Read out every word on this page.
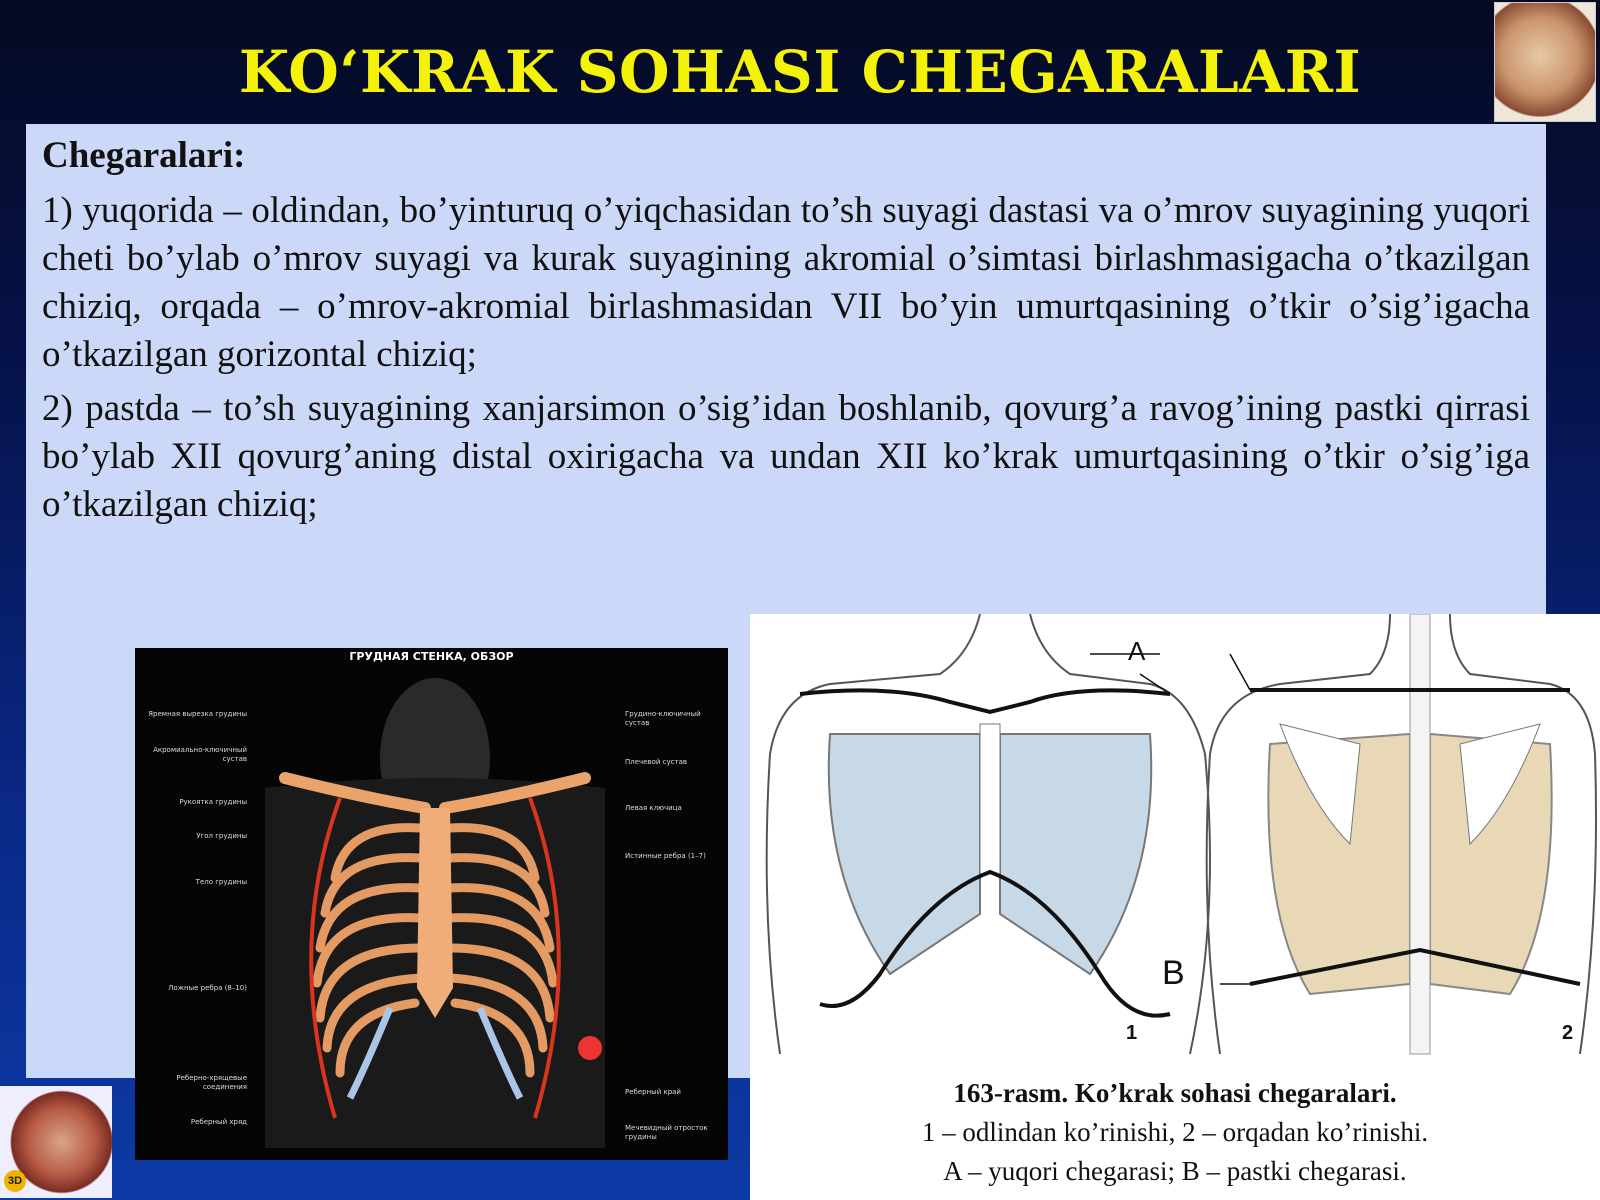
KO‘KRAK SOHASI CHEGARALARI
Chegaralari:

1) yuqorida – oldindan, bo’yinturuq o’yiqchasidan to’sh suyagi dastasi va o’mrov suyagining yuqori cheti bo’ylab o’mrov suyagi va kurak suyagining akromial o’simtasi birlashmasigacha o’tkazilgan chiziq, orqada – o’mrov-akromial birlashmasidan VII bo’yin umurtqasining o’tkir o’sig’igacha o’tkazilgan gorizontal chiziq;

2) pastda – to’sh suyagining xanjarsimon o’sig’idan boshlanib, qovurg’a ravog’ining pastki qirrasi bo’ylab XII qovurg’aning distal oxirigacha va undan XII ko’krak umurtqasining o’tkir o’sig’iga o’tkazilgan chiziq;

ГРУДНАЯ СТЕНКА, ОБЗОР
Яремная вырезка грудины
Акромиально-ключичный сустав
Рукоятка грудины
Угол грудины
Тело грудины
Ложные ребра (8–10)
Реберно-хрящевые соединения
Реберный хряд
Грудино-ключичный сустав
Плечевой сустав
Левая ключица
Истинные ребра (1–7)
Реберный край
Мечевидный отросток грудины
A
B
1	2
163-rasm. Ko’krak sohasi chegaralari.
1 – odlindan ko’rinishi, 2 – orqadan ko’rinishi.
A – yuqori chegarasi; B – pastki chegarasi.
3D
